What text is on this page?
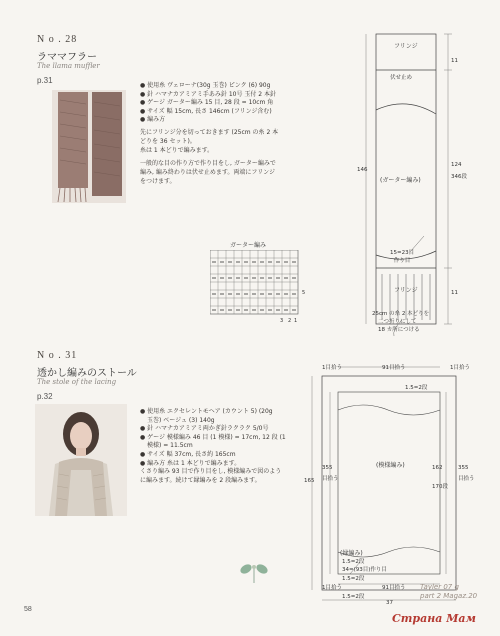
N o . 28
ラママフラー
The llama muffler
p.31
● 使用糸 ヴェローナ(30g 玉巻) ピンク (6) 90g
● 針 ハマナカアミアミ手あみ針 10号 玉付 2 本針
● ゲージ ガーター編み 15 目, 28 段 = 10cm 角
● サイズ 幅 15cm, 長さ 146cm (フリンジ含む)
● 編み方
先にフリンジ分を切っておきます (25cm の糸 2 本
どりを 36 セット)。
糸は 1 本どりで編みます。
一般的な目の作り方で作り目をし, ガーター編みで
編み, 編み終わりは伏せ止めます。両端にフリンジ
をつけます。
ガーター編み
5
3 2 1
フリンジ
伏せ止め
(ガーター編み)
15=23目
作り目
フリンジ
146
11
124
346段
11
25cm の糸 2 本どりを
二つ折りにして
18 カ所につける
N o . 31
透かし編みのストール
The stole of the lacing
p.32
● 使用糸 エクセレントモヘア (カウント 5) (20g
玉巻) ベージュ (3) 140g
● 針 ハマナカアミアミ両かぎ針ラクラク 5/0号
● ゲージ 模様編み 46 目 (1 模様) = 17cm, 12 段 (1
模様) = 11.5cm
● サイズ 幅 37cm, 長さ約 165cm
● 編み方 糸は 1 本どりで編みます。
くさり編み 93 目で作り目をし, 模様編みで図のよう
に編みます。続けて縁編みを 2 段編みます。
1目拾う	91目拾う	1目拾う
1.5=2段
(模様編み)
(縁編み)
165
355
目拾う
162
170段
355
目拾う
34=(93目)作り目
1.5=2段
1.5=2段
1目拾う	91目拾う
1.5=2段
37
58
Tayler 07 g
part 2 Magaz.20
Страна Мам
